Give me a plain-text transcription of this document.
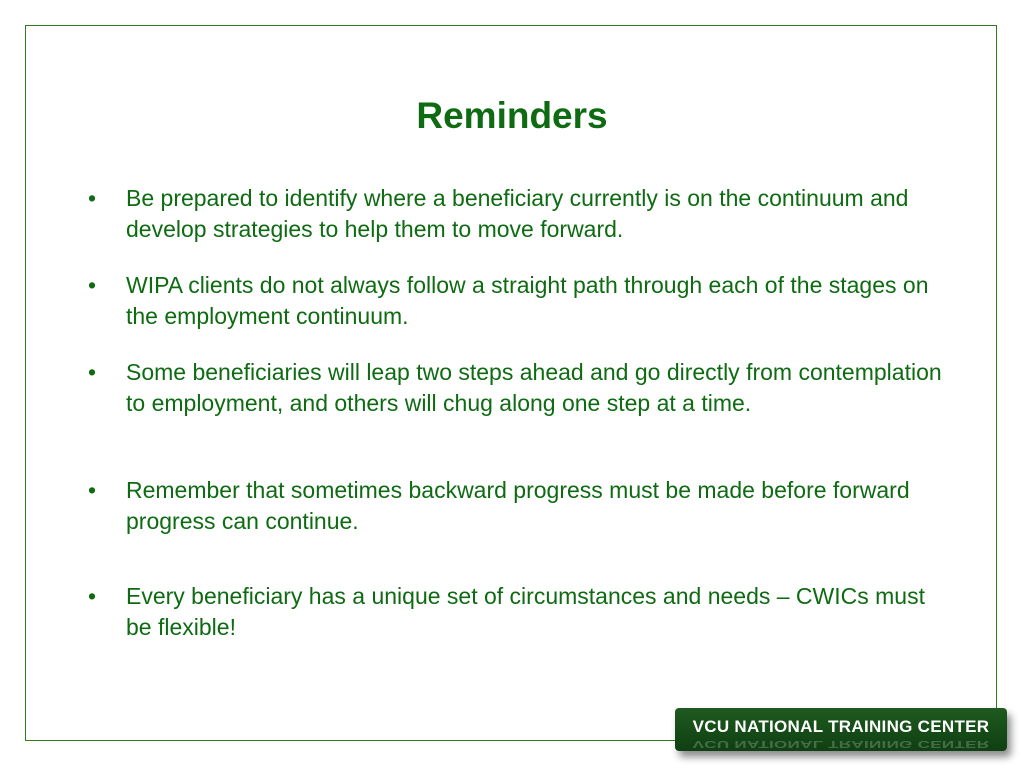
Reminders
•	Be prepared to identify where a beneficiary currently is on the continuum and develop strategies to help them to move forward.
•	WIPA clients do not always follow a straight path through each of the stages on the employment continuum.
•	Some beneficiaries will leap two steps ahead and go directly from contemplation to employment, and others will chug along one step at a time.
•	Remember that sometimes backward progress must be made before forward progress can continue.
•	Every beneficiary has a unique set of circumstances and needs – CWICs must be flexible!
VCU NATIONAL TRAINING CENTER
VCU NATIONAL TRAINING CENTER
